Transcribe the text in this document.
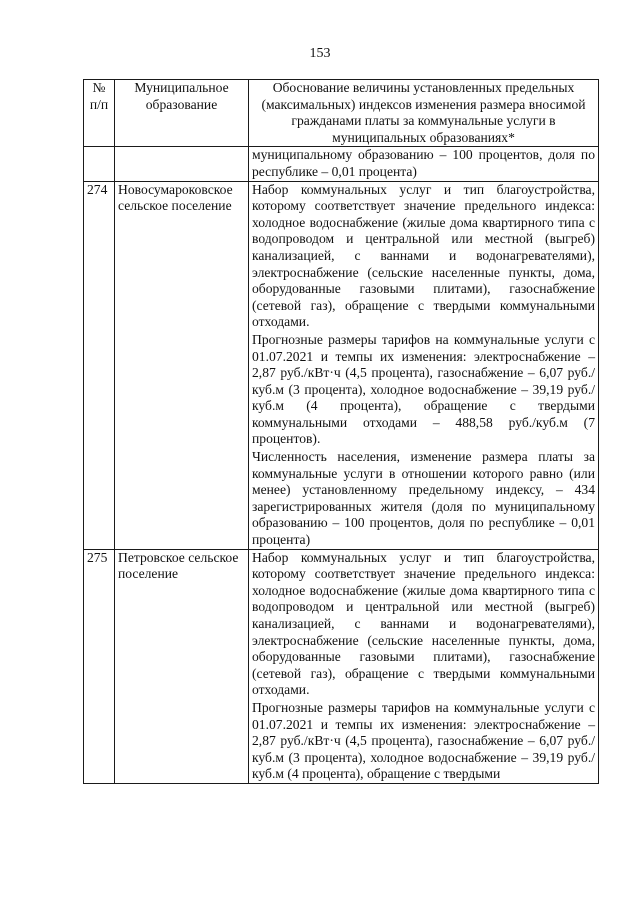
153
№ п/п	Муниципальное образование	Обоснование величины установленных предельных (максимальных) индексов изменения размера вносимой гражданами платы за коммунальные услуги в муниципальных образованиях*

		муниципальному образованию – 100 процентов, доля по республике – 0,01 процента)

274	Новосумароковское сельское поселение	Набор коммунальных услуг и тип благоустройства, которому соответствует значение предельного индекса: холодное водоснабжение (жилые дома квартирного типа с водопроводом и центральной или местной (выгреб) канализацией, с ваннами и водонагревателями), электроснабжение (сельские населенные пункты, дома, оборудованные газовыми плитами), газоснабжение (сетевой газ), обращение с твердыми коммунальными отходами.

Прогнозные размеры тарифов на коммунальные услуги с 01.07.2021 и темпы их изменения: электроснабжение – 2,87 руб./кВт·ч (4,5 процента), газоснабжение – 6,07 руб./куб.м (3 процента), холодное водоснабжение – 39,19 руб./куб.м (4 процента), обращение с твердыми коммунальными отходами – 488,58 руб./куб.м (7 процентов).

Численность населения, изменение размера платы за коммунальные услуги в отношении которого равно (или менее) установленному предельному индексу, – 434 зарегистрированных жителя (доля по муниципальному образованию – 100 процентов, доля по республике – 0,01 процента)

275	Петровское сельское поселение	Набор коммунальных услуг и тип благоустройства, которому соответствует значение предельного индекса: холодное водоснабжение (жилые дома квартирного типа с водопроводом и центральной или местной (выгреб) канализацией, с ваннами и водонагревателями), электроснабжение (сельские населенные пункты, дома, оборудованные газовыми плитами), газоснабжение (сетевой газ), обращение с твердыми коммунальными отходами.

Прогнозные размеры тарифов на коммунальные услуги с 01.07.2021 и темпы их изменения: электроснабжение – 2,87 руб./кВт·ч (4,5 процента), газоснабжение – 6,07 руб./куб.м (3 процента), холодное водоснабжение – 39,19 руб./куб.м (4 процента), обращение с твердыми
